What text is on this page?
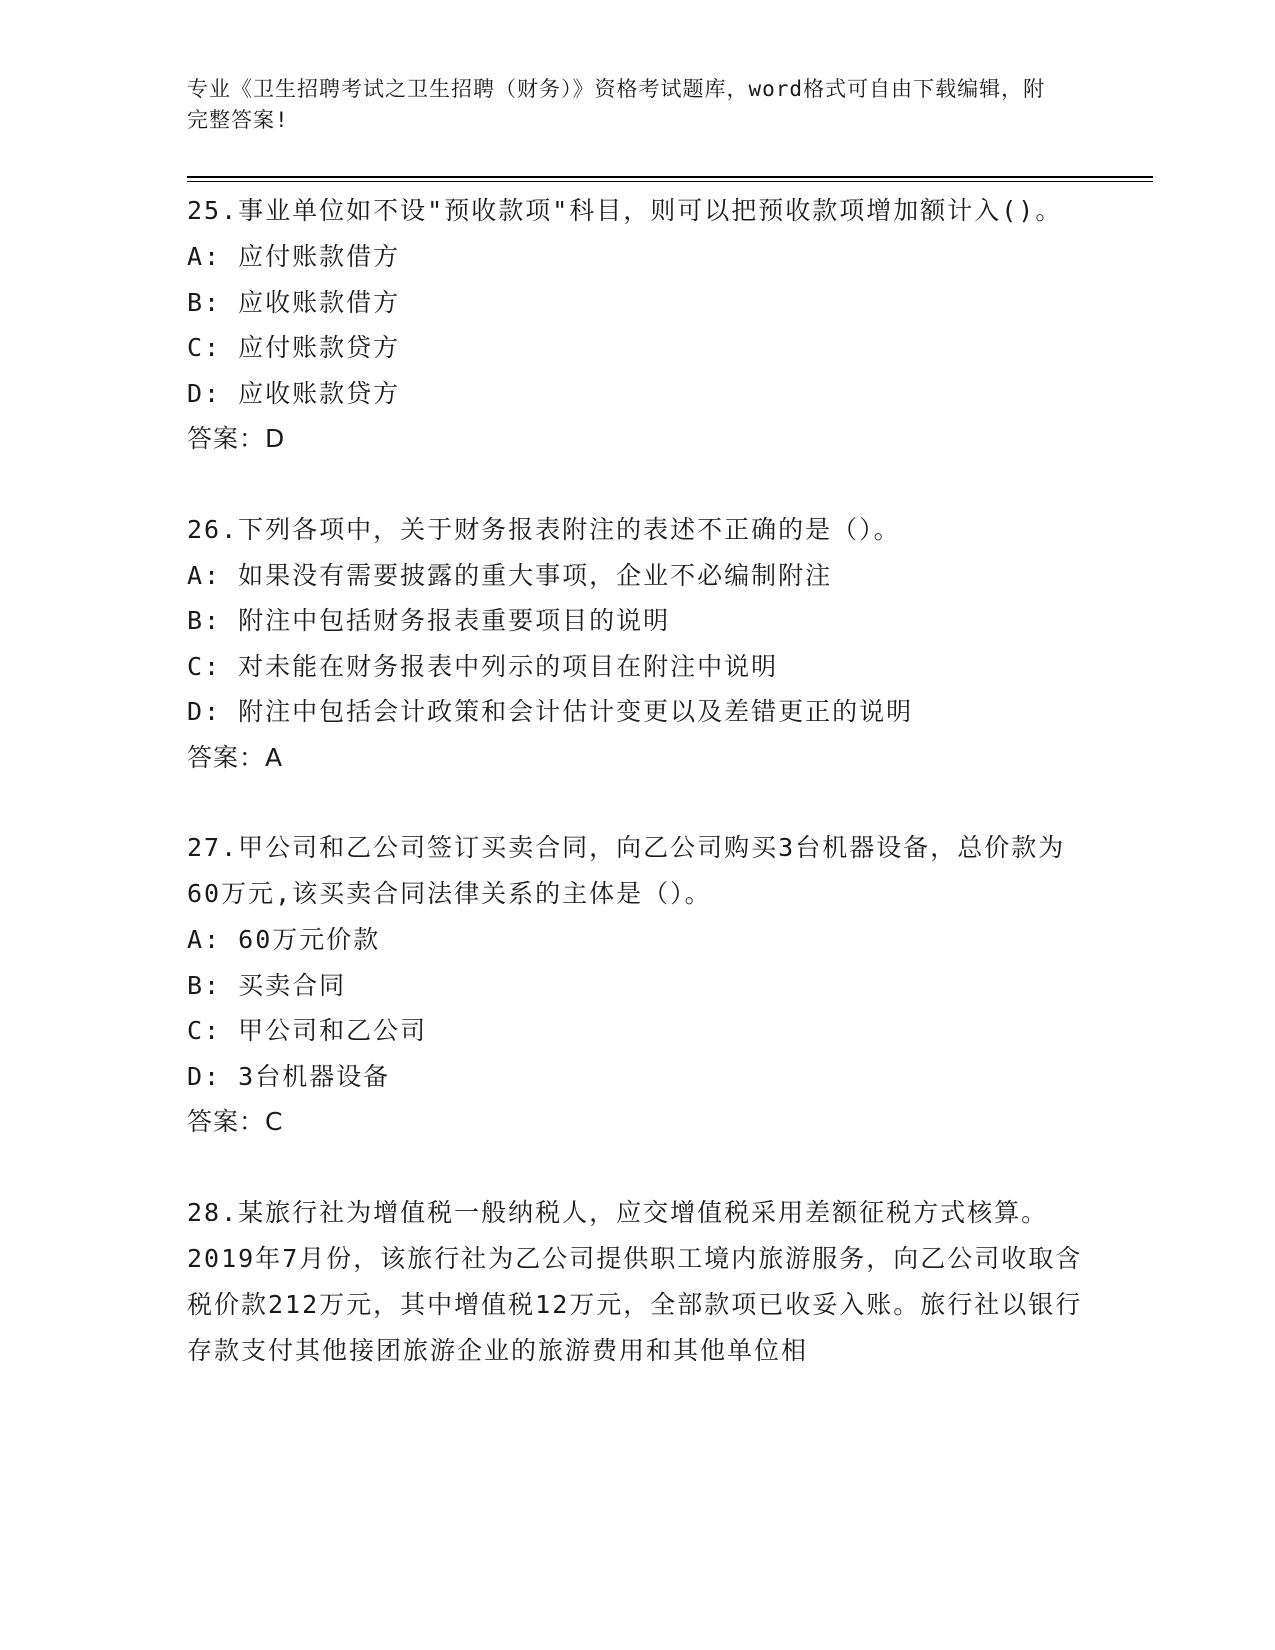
专业《卫生招聘考试之卫生招聘（财务）》资格考试题库，word格式可自由下载编辑，附完整答案!

25.事业单位如不设"预收款项"科目，则可以把预收款项增加额计入()。

A: 应付账款借方

B: 应收账款借方

C: 应付账款贷方

D: 应收账款贷方

答案：D

26.下列各项中，关于财务报表附注的表述不正确的是（）。

A: 如果没有需要披露的重大事项，企业不必编制附注

B: 附注中包括财务报表重要项目的说明

C: 对未能在财务报表中列示的项目在附注中说明

D: 附注中包括会计政策和会计估计变更以及差错更正的说明

答案：A

27.甲公司和乙公司签订买卖合同，向乙公司购买3台机器设备，总价款为60万元,该买卖合同法律关系的主体是（）。

A: 60万元价款

B: 买卖合同

C: 甲公司和乙公司

D: 3台机器设备

答案：C

28.某旅行社为增值税一般纳税人，应交增值税采用差额征税方式核算。2019年7月份，该旅行社为乙公司提供职工境内旅游服务，向乙公司收取含税价款212万元，其中增值税12万元，全部款项已收妥入账。旅行社以银行存款支付其他接团旅游企业的旅游费用和其他单位相
